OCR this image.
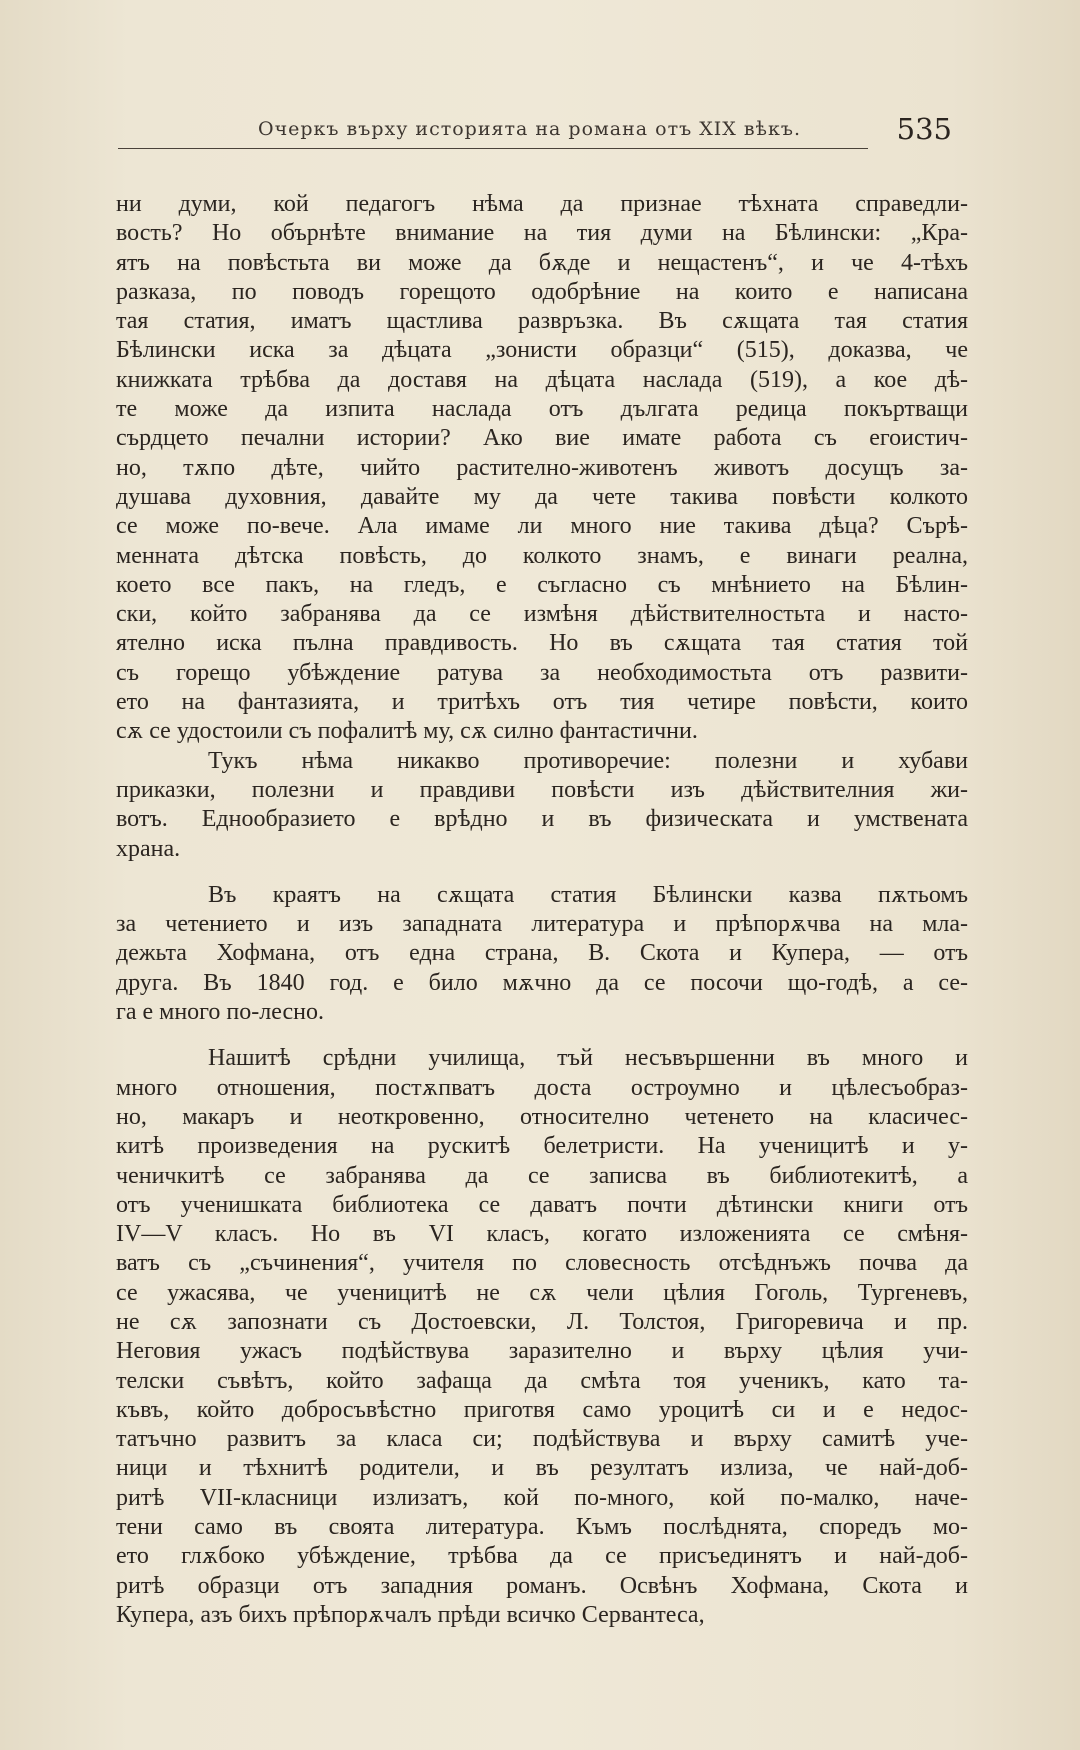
Очеркъ върху историята на романа отъ XIX вѣкъ.	535
ни думи, кой педагогъ нѣма да признае тѣхната справедли-
вость? Но обърнѣте внимание на тия думи на Бѣлински: „Кра-
ятъ на повѣстьта ви може да бѫде и нещастенъ“, и че 4-тѣхъ
разказа, по поводъ горещото одобрѣние на които е написана
тая статия, иматъ щастлива развръзка. Въ сѫщата тая статия
Бѣлински иска за дѣцата „зонисти образци“ (515), доказва, че
книжката трѣбва да доставя на дѣцата наслада (519), а кое дѣ-
те може да изпита наслада отъ дългата редица покъртващи
сърдцето печални истории? Ако вие имате работа съ егоистич-
но, тѫпо дѣте, чийто растително-животенъ животъ досущъ за-
душава духовния, давайте му да чете такива повѣсти колкото
се може по-вече. Ала имаме ли много ние такива дѣца? Сърѣ-
менната дѣтска повѣсть, до колкото знамъ, е винаги реална,
което все пакъ, на гледъ, е съгласно съ мнѣнието на Бѣлин-
ски, който забранява да се измѣня дѣйствителностьта и насто-
ятелно иска пълна правдивость. Но въ сѫщата тая статия той
съ горещо убѣждение ратува за необходимостьта отъ развити-
ето на фантазията, и тритѣхъ отъ тия четире повѣсти, които
сѫ се удостоили съ пофалитѣ му, сѫ силно фантастични.
Тукъ нѣма никакво противоречие: полезни и хубави
приказки, полезни и правдиви повѣсти изъ дѣйствителния жи-
вотъ. Еднообразието е врѣдно и въ физическата и умствената
храна.
Въ краятъ на сѫщата статия Бѣлински казва пѫтьомъ
за четението и изъ западната литература и прѣпорѫчва на мла-
дежьта Хофмана, отъ една страна, В. Скота и Купера, — отъ
друга. Въ 1840 год. е било мѫчно да се посочи що-годѣ, а се-
га е много по-лесно.
Нашитѣ срѣдни училища, тъй несъвършенни въ много и
много отношения, постѫпватъ доста остроумно и цѣлесъобраз-
но, макаръ и неоткровенно, относително четенето на класичес-
китѣ произведения на рускитѣ белетристи. На ученицитѣ и у-
ченичкитѣ се забранява да се записва въ библиотекитѣ, а
отъ ученишката библиотека се даватъ почти дѣтински книги отъ
IV—V класъ. Но въ VI класъ, когато изложенията се смѣня-
ватъ съ „съчинения“, учителя по словесность отсѣднъжъ почва да
се ужасява, че ученицитѣ не сѫ чели цѣлия Гоголь, Тургеневъ,
не сѫ запознати съ Достоевски, Л. Толстоя, Григоревича и пр.
Неговия ужасъ подѣйствува заразително и върху цѣлия учи-
телски съвѣтъ, който зафаща да смѣта тоя ученикъ, като та-
къвъ, който добросъвѣстно приготвя само уроцитѣ си и е недос-
татъчно развитъ за класа си; подѣйствува и върху самитѣ уче-
ници и тѣхнитѣ родители, и въ резултатъ излиза, че най-доб-
ритѣ VII-класници излизатъ, кой по-много, кой по-малко, наче-
тени само въ своята литература. Къмъ послѣднята, споредъ мо-
ето глѫбоко убѣждение, трѣбва да се присъединятъ и най-доб-
ритѣ образци отъ западния романъ. Освѣнъ Хофмана, Скота и
Купера, азъ бихъ прѣпорѫчалъ прѣди всичко Сервантеса,
